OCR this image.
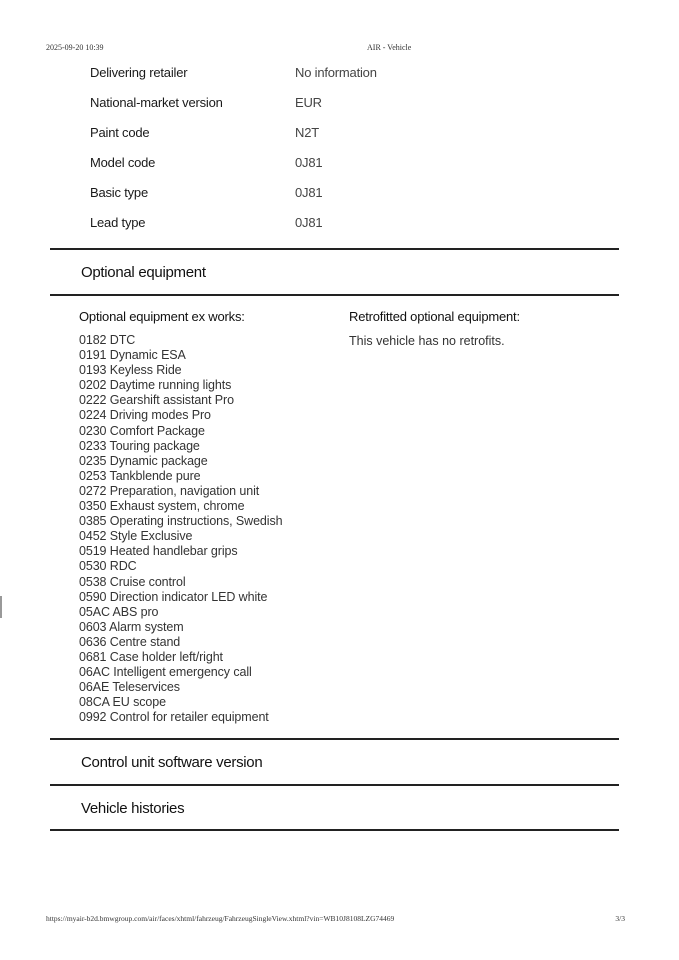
2025-09-20 10:39	AIR - Vehicle
Delivering retailer	No information
National-market version	EUR
Paint code	N2T
Model code	0J81
Basic type	0J81
Lead type	0J81
Optional equipment
Optional equipment ex works:	Retrofitted optional equipment:
0182 DTC
0191 Dynamic ESA
0193 Keyless Ride
0202 Daytime running lights
0222 Gearshift assistant Pro
0224 Driving modes Pro
0230 Comfort Package
0233 Touring package
0235 Dynamic package
0253 Tankblende pure
0272 Preparation, navigation unit
0350 Exhaust system, chrome
0385 Operating instructions, Swedish
0452 Style Exclusive
0519 Heated handlebar grips
0530 RDC
0538 Cruise control
0590 Direction indicator LED white
05AC ABS pro
0603 Alarm system
0636 Centre stand
0681 Case holder left/right
06AC Intelligent emergency call
06AE Teleservices
08CA EU scope
0992 Control for retailer equipment
This vehicle has no retrofits.
Control unit software version
Vehicle histories
https://myair-b2d.bmwgroup.com/air/faces/xhtml/fahrzeug/FahrzeugSingleView.xhtml?vin=WB10J8108LZG74469	3/3
